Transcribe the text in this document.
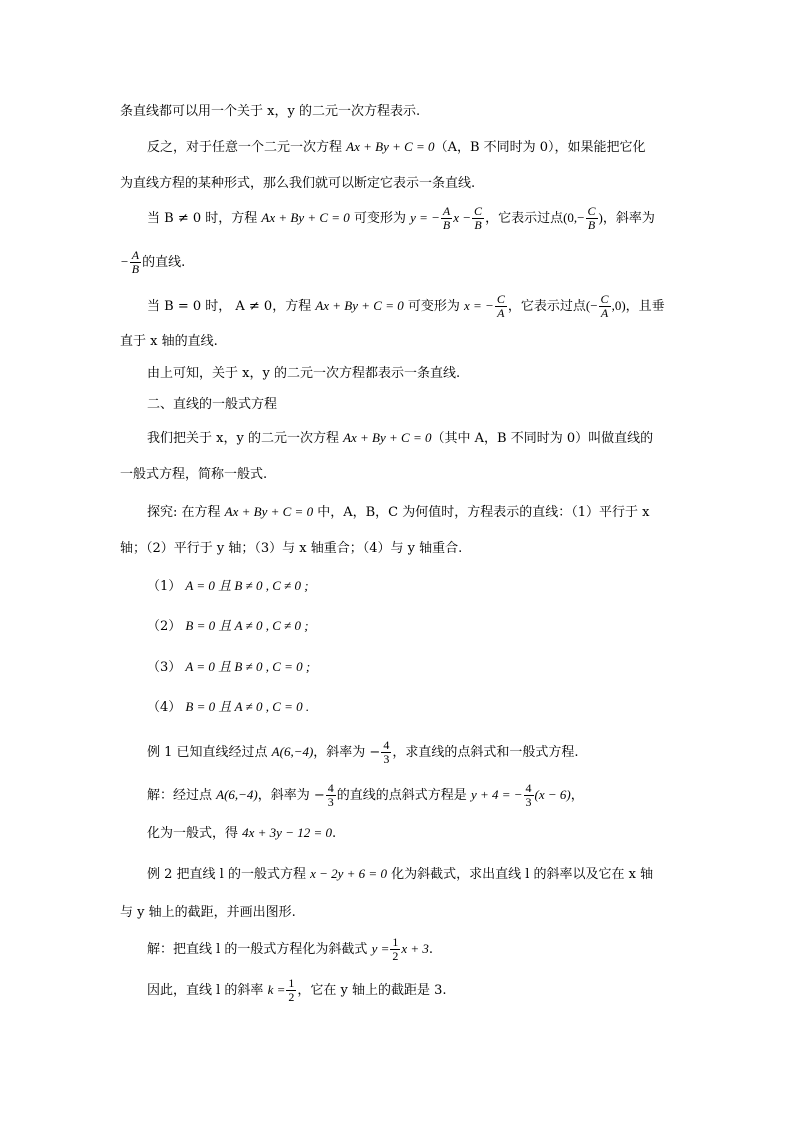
条直线都可以用一个关于 x，y 的二元一次方程表示.
反之，对于任意一个二元一次方程 Ax + By + C = 0（A，B 不同时为 0），如果能把它化
为直线方程的某种形式，那么我们就可以断定它表示一条直线.
当 B ≠ 0 时，方程 Ax + By + C = 0 可变形为 y = − $\frac{A}{B}$ $x - \frac{C}{B}$ ，它表示过点($0,- \frac{C}{B}$ )，斜率为
− $\frac{A}{B}$ 的直线.
当 B = 0 时， A ≠ 0，方程 Ax + By + C = 0 可变形为 x = − $\frac{C}{A}$ ，它表示过点(− $\frac{C}{A} ,0$)，且垂
直于 x 轴的直线.
由上可知，关于 x，y 的二元一次方程都表示一条直线.
二、直线的一般式方程
我们把关于 x，y 的二元一次方程 Ax + By + C = 0（其中 A，B 不同时为 0）叫做直线的
一般式方程，简称一般式.
探究: 在方程 Ax + By + C = 0 中，A，B，C 为何值时，方程表示的直线：（1）平行于 x
轴；（2）平行于 y 轴；（3）与 x 轴重合；（4）与 y 轴重合.
（1） A = 0 且 B ≠ 0 , C ≠ 0 ;
（2） B = 0 且 A ≠ 0 , C ≠ 0 ;
（3） A = 0 且 B ≠ 0 , C = 0 ;
（4） B = 0 且 A ≠ 0 , C = 0 .
例 1 已知直线经过点 A(6,−4)，斜率为 − $\frac{4}{3}$ ，求直线的点斜式和一般式方程.
解：经过点 A(6,−4)，斜率为 − $\frac{4}{3}$ 的直线的点斜式方程是 y + 4 = − $\frac{4}{3} (x - 6)$，
化为一般式，得 4x + 3y − 12 = 0.
例 2 把直线 l 的一般式方程 x − 2y + 6 = 0 化为斜截式，求出直线 l 的斜率以及它在 x 轴
与 y 轴上的截距，并画出图形.
解：把直线 l 的一般式方程化为斜截式 $y = \frac{1}{2}$ x + 3.
因此，直线 l 的斜率 $k = \frac{1}{2}$ ，它在 y 轴上的截距是 3.
